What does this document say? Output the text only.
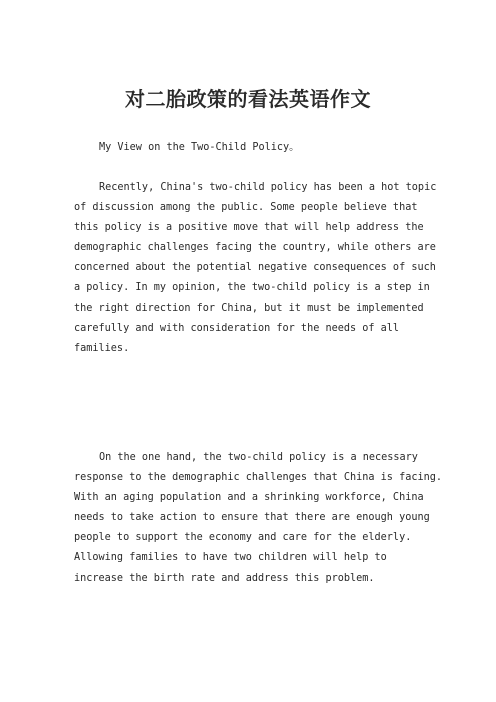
对二胎政策的看法英语作文
My View on the Two-Child Policy。
Recently, China's two-child policy has been a hot topic
of discussion among the public. Some people believe that
this policy is a positive move that will help address the
demographic challenges facing the country, while others are
concerned about the potential negative consequences of such
a policy. In my opinion, the two-child policy is a step in
the right direction for China, but it must be implemented
carefully and with consideration for the needs of all
families.
On the one hand, the two-child policy is a necessary
response to the demographic challenges that China is facing.
With an aging population and a shrinking workforce, China
needs to take action to ensure that there are enough young
people to support the economy and care for the elderly.
Allowing families to have two children will help to
increase the birth rate and address this problem.
